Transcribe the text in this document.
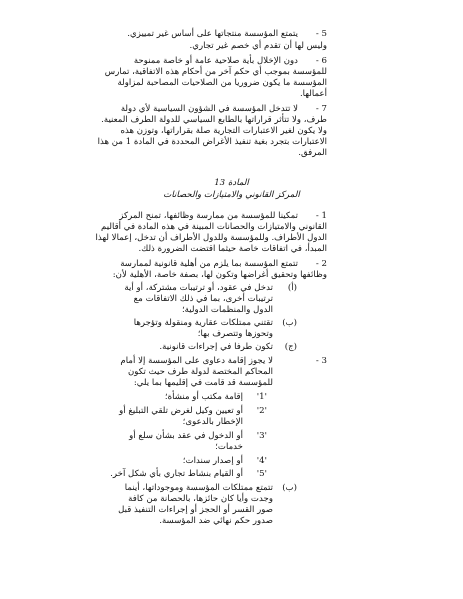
5 -
يتمتع المؤسسة منتجاتها على أساس غير تمييزي.
وليس لها أن تقدم أي خصم غير تجاري.
6 -
دون الإخلال بأية صلاحية عامة أو خاصة ممنوحة
للمؤسسة بموجب أي حكم آخر من أحكام هذه الاتفاقية، تمارس
المؤسسة ما يكون ضروريا من الصلاحيات المصاحبة لمزاولة
أعمالها.
7 -
لا تتدخل المؤسسة في الشؤون السياسية لأي دولة
طرف، ولا تتأثر قراراتها بالطابع السياسي للدولة الطرف المعنية.
ولا يكون لغير الاعتبارات التجارية صلة بقراراتها، وتوزن هذه
الاعتبارات بتجرد بغية تنفيذ الأغراض المحددة في المادة 1 من هذا
المرفق.
المادة 13
المركز القانوني والامتيازات والحصانات
1 -
تمكينا للمؤسسة من ممارسة وظائفها، تمنح المركز
القانوني والامتيازات والحصانات المبينة في هذه المادة في أقاليم
الدول الأطراف. وللمؤسسة وللدول الأطراف أن تدخل، إعمالا لهذا
المبدأ، في اتفاقات خاصة حيثما اقتضت الضرورة ذلك.
2 -
تتمتع المؤسسة بما يلزم من أهلية قانونية لممارسة
وظائفها وتحقيق أغراضها وتكون لها، بصفة خاصة، الأهلية لأن:
(أ)
تدخل في عقود، أو ترتيبات مشتركة، أو أية
ترتيبات أخرى، بما في ذلك الاتفاقات مع
الدول والمنظمات الدولية؛
(ب)
تقتني ممتلكات عقارية ومنقولة وتؤجرها
وتحوزها وتتصرف بها؛
(ج)
تكون طرفا في إجراءات قانونية.
3 -
لا يجوز إقامة دعاوى على المؤسسة إلا أمام
المحاكم المختصة لدولة طرف حيث تكون
للمؤسسة قد قامت في إقليمها بما يلي:
'1'
إقامة مكتب أو منشأة؛
'2'
أو تعيين وكيل لغرض تلقي التبليغ أو
الإخطار بالدعوى؛
'3'
أو الدخول في عقد بشأن سلع أو
خدمات؛
'4'
أو إصدار سندات؛
'5'
أو القيام بنشاط تجاري بأي شكل آخر.
(ب)
تتمتع ممتلكات المؤسسة وموجوداتها، أينما
وجدت وأيا كان حائزها، بالحصانة من كافة
صور القسر أو الحجز أو إجراءات التنفيذ قبل
صدور حكم نهائي ضد المؤسسة.
